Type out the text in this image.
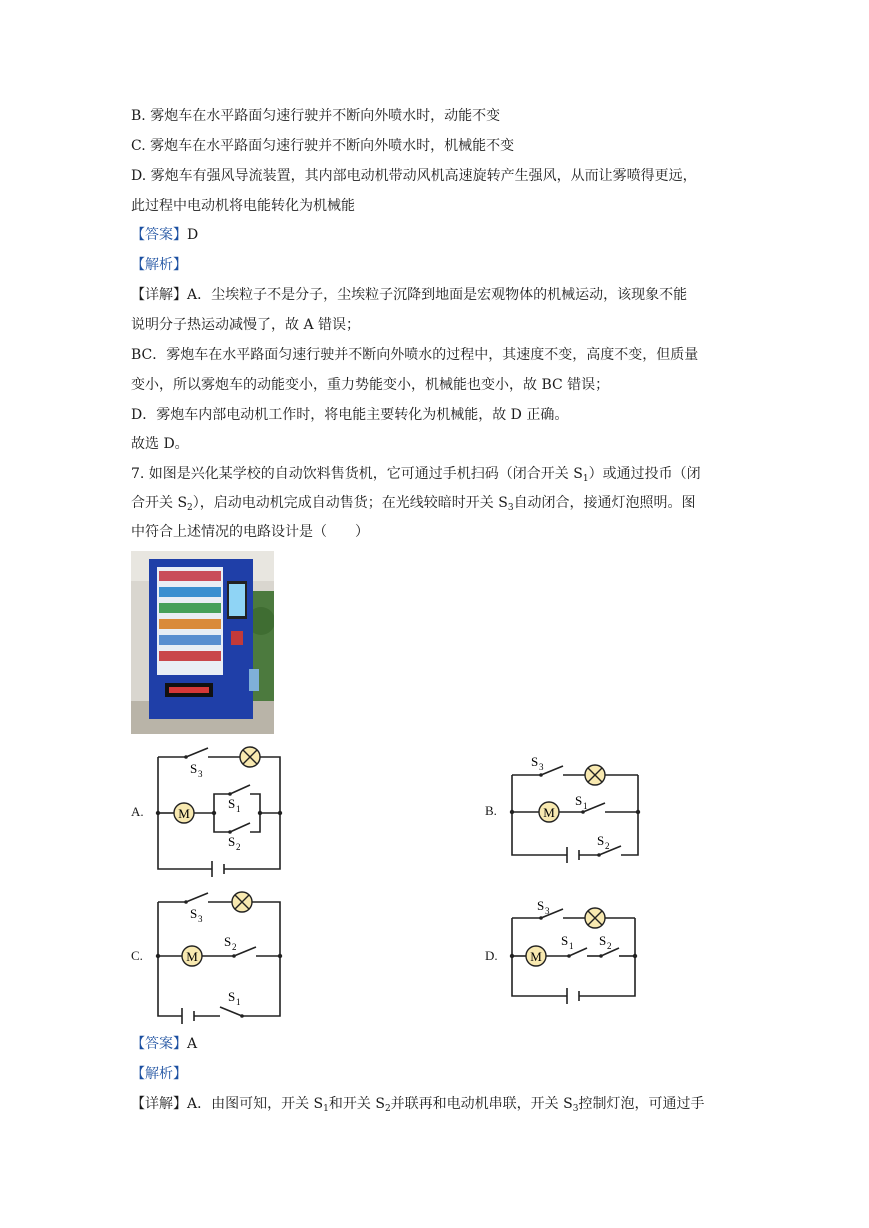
B. 雾炮车在水平路面匀速行驶并不断向外喷水时，动能不变
C. 雾炮车在水平路面匀速行驶并不断向外喷水时，机械能不变
D. 雾炮车有强风导流装置，其内部电动机带动风机高速旋转产生强风，从而让雾喷得更远，
此过程中电动机将电能转化为机械能
【答案】D
【解析】
【详解】A．尘埃粒子不是分子，尘埃粒子沉降到地面是宏观物体的机械运动，该现象不能
说明分子热运动减慢了，故 A 错误；
BC．雾炮车在水平路面匀速行驶并不断向外喷水的过程中，其速度不变，高度不变，但质量
变小，所以雾炮车的动能变小，重力势能变小，机械能也变小，故 BC 错误；
D．雾炮车内部电动机工作时，将电能主要转化为机械能，故 D 正确。
故选 D。
7. 如图是兴化某学校的自动饮料售货机，它可通过手机扫码（闭合开关 $S_1$）或通过投币（闭
合开关 $S_2$），启动电动机完成自动售货；在光线较暗时开关 $S_3$自动闭合，接通灯泡照明。图
中符合上述情况的电路设计是（　　）
A.	B.
C.	D.
M
S 3
S 1
S 2
M
S 3
S 1
S 2
M
S 3
S 2
S 1
M
S 3
S 1 S 2
【答案】A
【解析】
【详解】A．由图可知，开关 $S_1$和开关 $S_2$并联再和电动机串联，开关 $S_3$控制灯泡，可通过手
